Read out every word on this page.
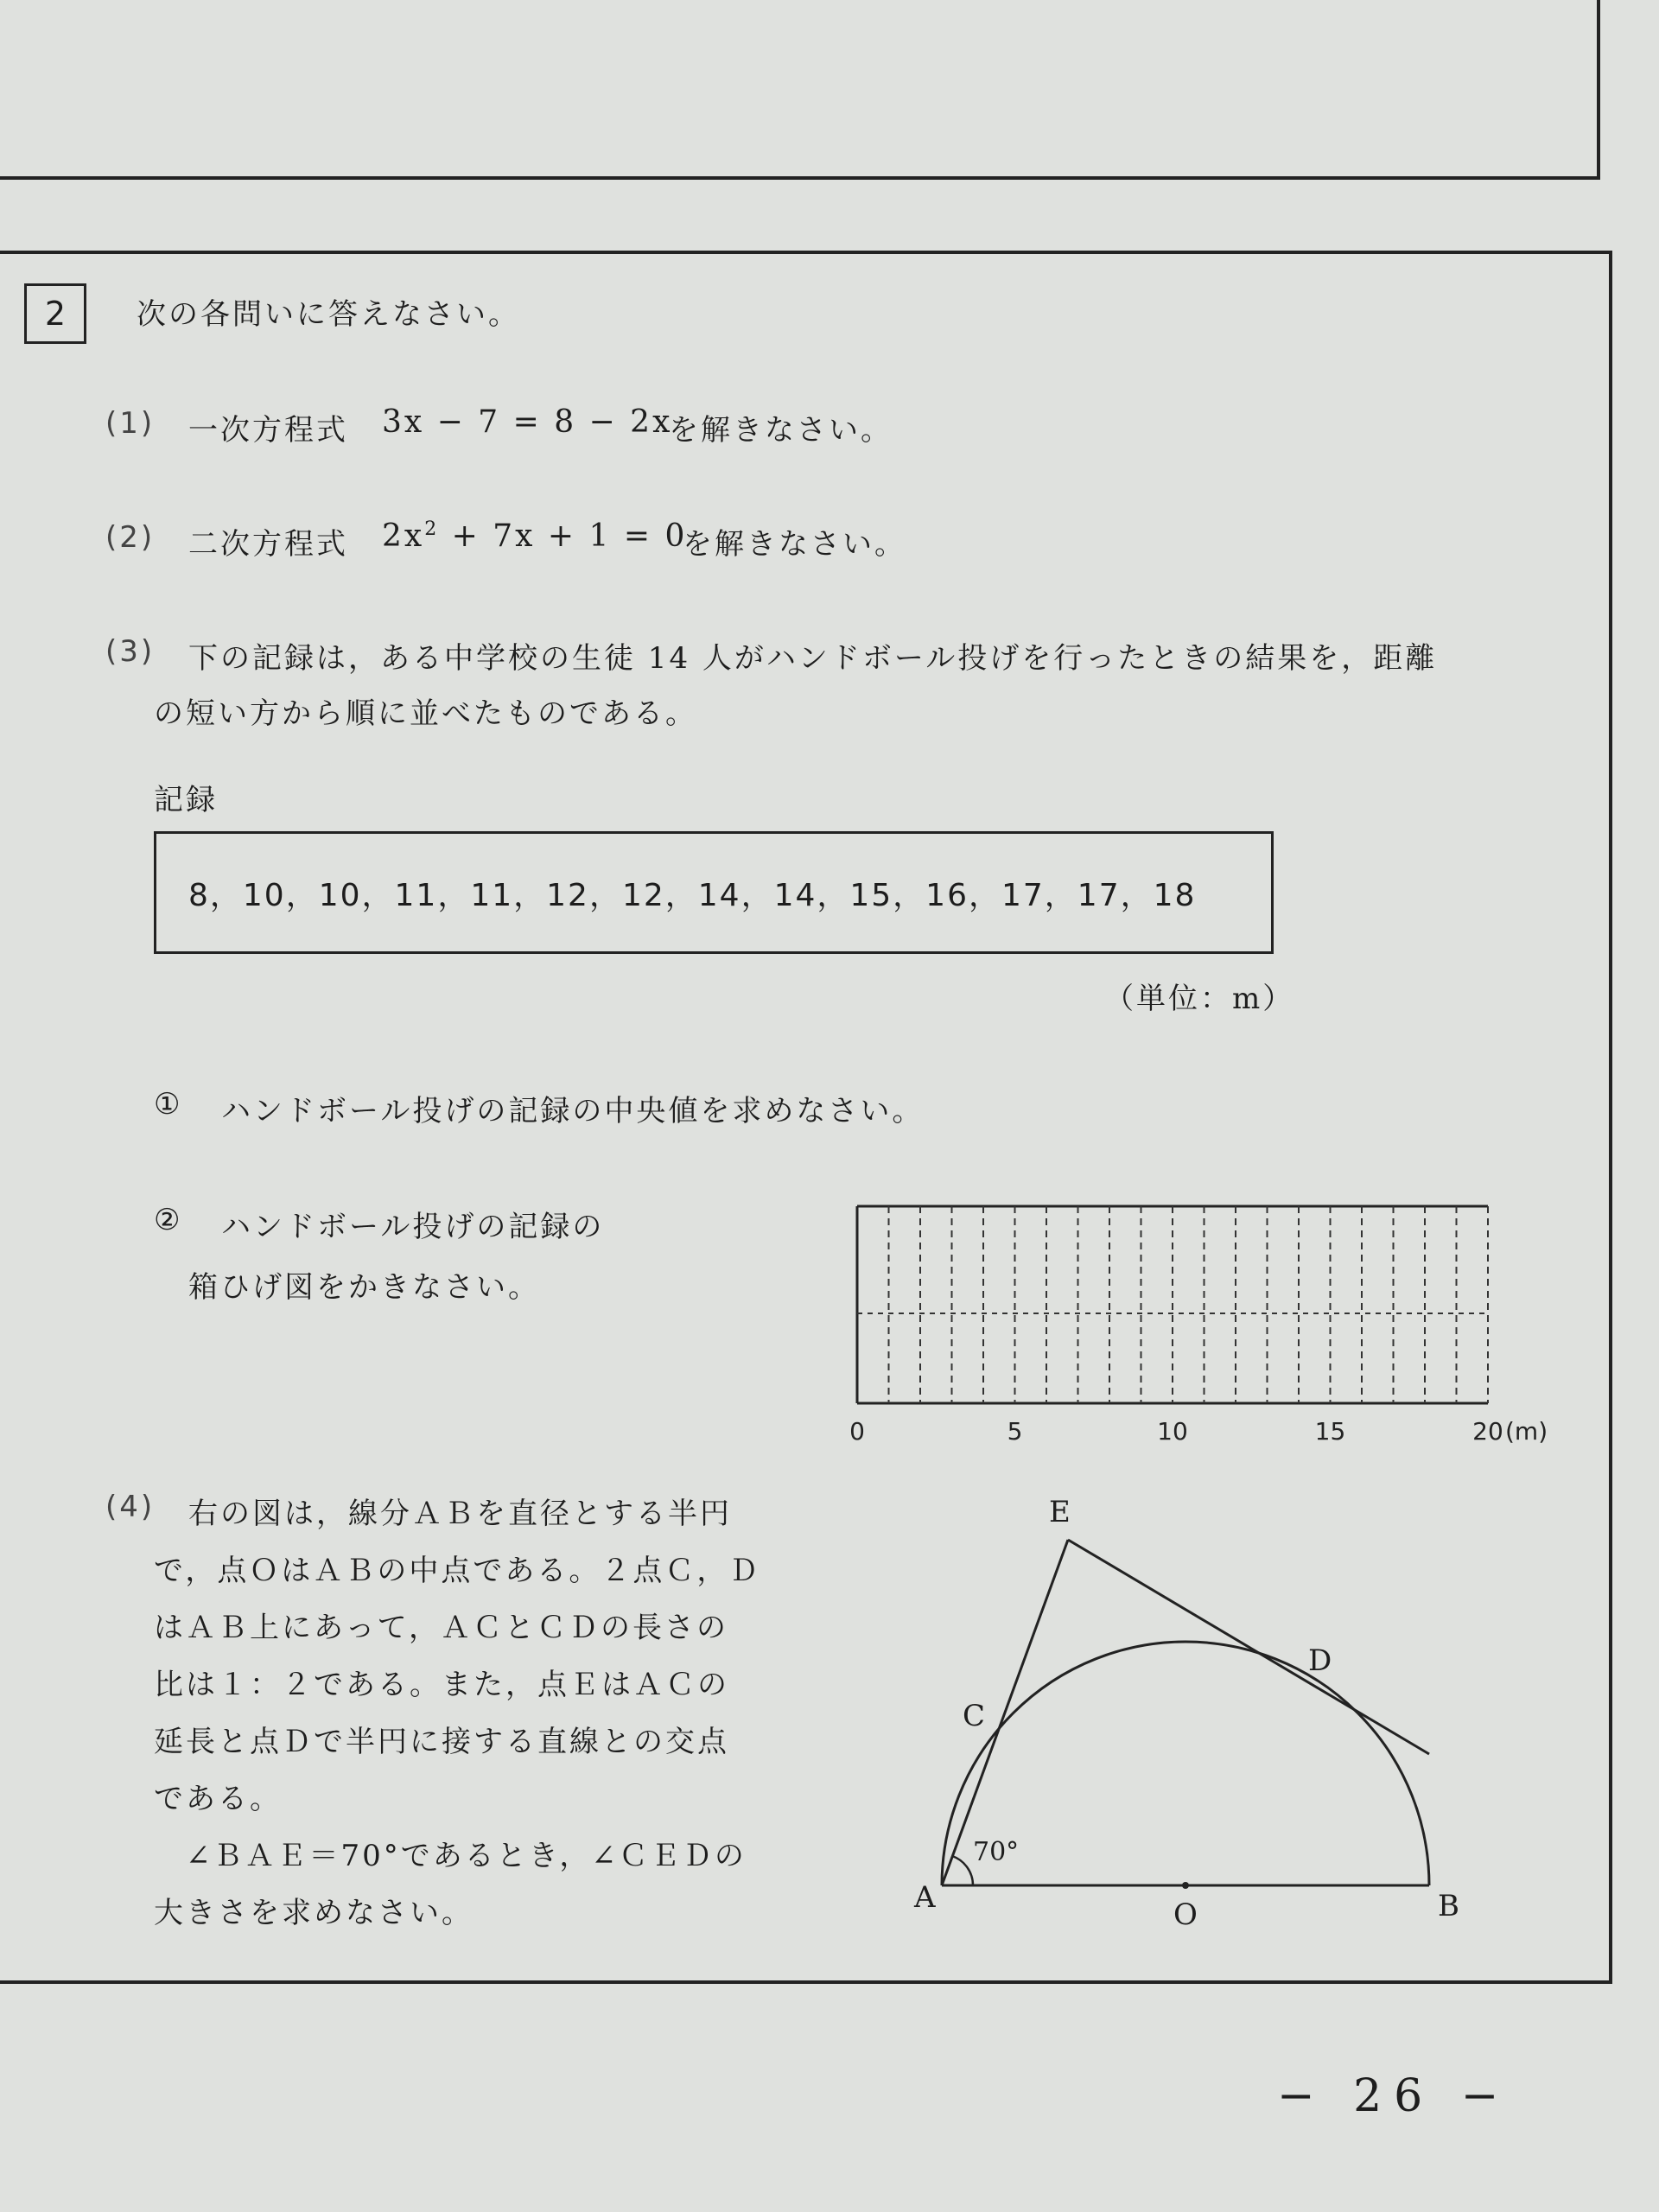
2	次の各問いに答えなさい。
(1) 一次方程式 3x − 7 = 8 − 2x
を解きなさい。
(2) 二次方程式 $2x^2 + 7x + 1 = 0$
を解きなさい。
(3) 下の記録は，ある中学校の生徒 14 人がハンドボール投げを行ったときの結果を，距離
の短い方から順に並べたものである。
記録
8，10，10，11，11，12，12，14，14，15，16，17，17，18
（単位：m）
① ハンドボール投げの記録の中央値を求めなさい。
② ハンドボール投げの記録の
箱ひげ図をかきなさい。
0	5	10	15	20 (m)
E
D
C
A	B
O
70°
(4) 右の図は，線分ＡＢを直径とする半円
で，点ＯはＡＢの中点である。２点Ｃ，Ｄ
はＡＢ上にあって，ＡＣとＣＤの長さの
比は１：２である。また，点ＥはＡＣの
延長と点Ｄで半円に接する直線との交点
である。
　∠ＢＡＥ＝70°であるとき，∠ＣＥＤの
大きさを求めなさい。
− 26 −
